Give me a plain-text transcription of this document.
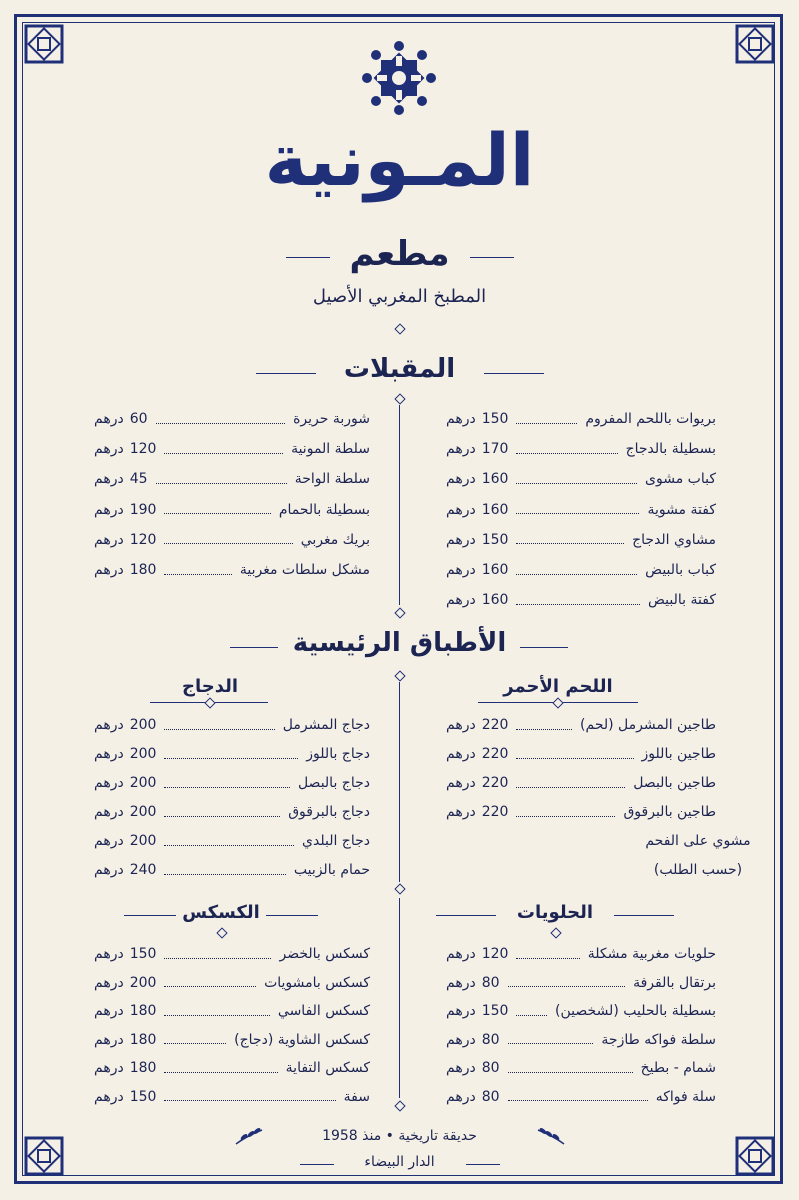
المـونية
مطعم
المطبخ المغربي الأصيل
المقبلات
بريوات باللحم المفروم
150درهم
بسطيلة بالدجاج
170درهم
كباب مشوى
160درهم
كفتة مشوية
160درهم
مشاوي الدجاج
150درهم
كباب بالبيض
160درهم
كفتة بالبيض
160درهم
شوربة حريرة
60درهم
سلطة المونية
120درهم
سلطة الواحة
45درهم
بسطيلة بالحمام
190درهم
بريك مغربي
120درهم
مشكل سلطات مغربية
180درهم
الأطباق الرئيسية
اللحم الأحمر
الدجاج
طاجين المشرمل (لحم)
220درهم
طاجين باللوز
220درهم
طاجين بالبصل
220درهم
طاجين بالبرقوق
220درهم
مشوي على الفحم
(حسب الطلب)
دجاج المشرمل
200درهم
دجاج باللوز
200درهم
دجاج بالبصل
200درهم
دجاج بالبرقوق
200درهم
دجاج البلدي
200درهم
حمام بالزبيب
240درهم
الحلويات
الكسكس
حلويات مغربية مشكلة
120درهم
برتقال بالقرفة
80درهم
بسطيلة بالحليب (لشخصين)
150درهم
سلطة فواكه طازجة
80درهم
شمام - بطيخ
80درهم
سلة فواكه
80درهم
كسكس بالخضر
150درهم
كسكس بامشويات
200درهم
كسكس الفاسي
180درهم
كسكس الشاوية (دجاج)
180درهم
كسكس التفاية
180درهم
سفة
150درهم
حديقة تاريخية • منذ 1958
الدار البيضاء
